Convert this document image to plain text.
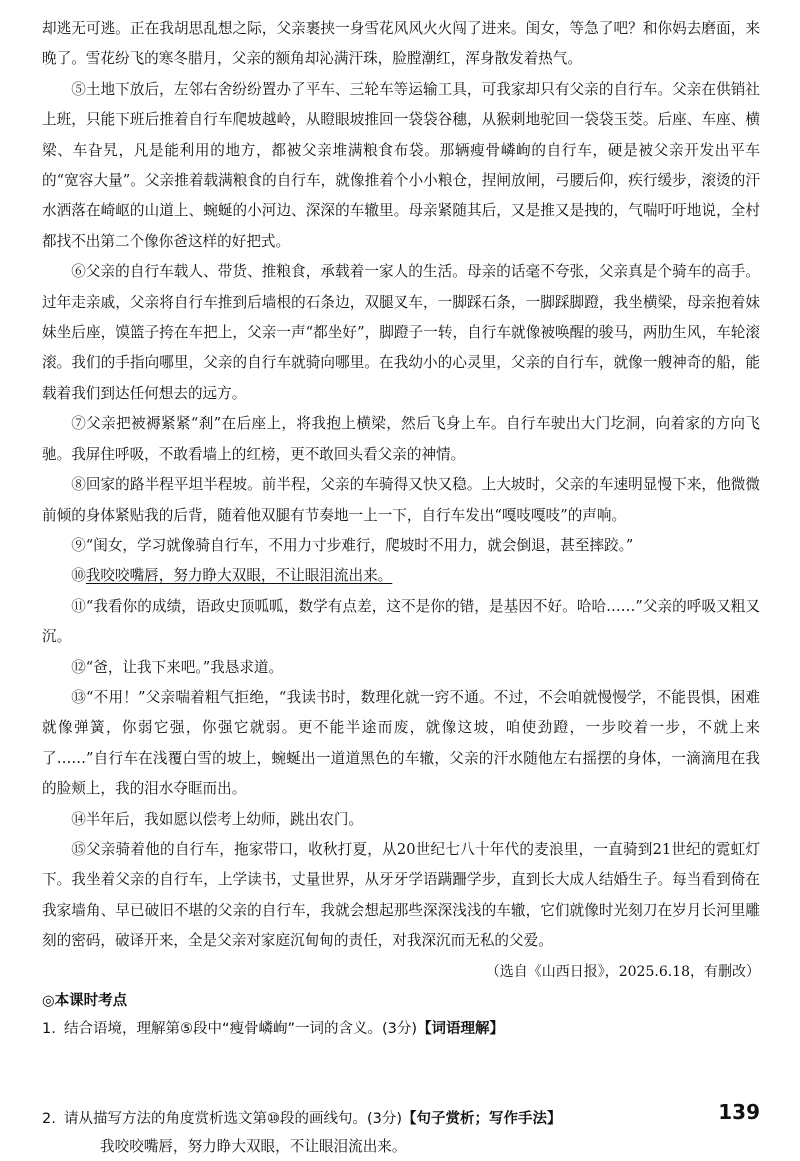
却逃无可逃。正在我胡思乱想之际，父亲裹挟一身雪花风风火火闯了进来。闺女，等急了吧？和你妈去磨面，来晚了。雪花纷飞的寒冬腊月，父亲的额角却沁满汗珠，脸膛潮红，浑身散发着热气。

⑤土地下放后，左邻右舍纷纷置办了平车、三轮车等运输工具，可我家却只有父亲的自行车。父亲在供销社上班，只能下班后推着自行车爬坡越岭，从瞪眼坡推回一袋袋谷穗，从猴刺地驼回一袋袋玉茭。后座、车座、横梁、车旮旯，凡是能利用的地方，都被父亲堆满粮食布袋。那辆瘦骨嶙峋的自行车，硬是被父亲开发出平车的“宽容大量”。父亲推着载满粮食的自行车，就像推着个小小粮仓，捏闸放闸，弓腰后仰，疾行缓步，滚烫的汗水洒落在崎岖的山道上、蜿蜒的小河边、深深的车辙里。母亲紧随其后，又是推又是拽的，气喘吁吁地说，全村都找不出第二个像你爸这样的好把式。

⑥父亲的自行车载人、带货、推粮食，承载着一家人的生活。母亲的话毫不夸张，父亲真是个骑车的高手。过年走亲戚，父亲将自行车推到后墙根的石条边，双腿叉车，一脚踩石条，一脚踩脚蹬，我坐横梁，母亲抱着妹妹坐后座，馍篮子挎在车把上，父亲一声“都坐好”，脚蹬子一转，自行车就像被唤醒的骏马，两肋生风，车轮滚滚。我们的手指向哪里，父亲的自行车就骑向哪里。在我幼小的心灵里，父亲的自行车，就像一艘神奇的船，能载着我们到达任何想去的远方。

⑦父亲把被褥紧紧“刹”在后座上，将我抱上横梁，然后飞身上车。自行车驶出大门圪洞，向着家的方向飞驰。我屏住呼吸，不敢看墙上的红榜，更不敢回头看父亲的神情。

⑧回家的路半程平坦半程坡。前半程，父亲的车骑得又快又稳。上大坡时，父亲的车速明显慢下来，他微微前倾的身体紧贴我的后背，随着他双腿有节奏地一上一下，自行车发出“嘎吱嘎吱”的声响。

⑨“闺女，学习就像骑自行车，不用力寸步难行，爬坡时不用力，就会倒退，甚至摔跤。”

⑩我咬咬嘴唇，努力睁大双眼，不让眼泪流出来。

⑪“我看你的成绩，语政史顶呱呱，数学有点差，这不是你的错，是基因不好。哈哈……”父亲的呼吸又粗又沉。

⑫“爸，让我下来吧。”我恳求道。

⑬“不用！”父亲喘着粗气拒绝，“我读书时，数理化就一窍不通。不过，不会咱就慢慢学，不能畏惧，困难就像弹簧，你弱它强，你强它就弱。更不能半途而废，就像这坡，咱使劲蹬，一步咬着一步，不就上来了……”自行车在浅覆白雪的坡上，蜿蜒出一道道黑色的车辙，父亲的汗水随他左右摇摆的身体，一滴滴甩在我的脸颊上，我的泪水夺眶而出。

⑭半年后，我如愿以偿考上幼师，跳出农门。

⑮父亲骑着他的自行车，拖家带口，收秋打夏，从20世纪七八十年代的麦浪里，一直骑到21世纪的霓虹灯下。我坐着父亲的自行车，上学读书，丈量世界，从牙牙学语蹒跚学步，直到长大成人结婚生子。每当看到倚在我家墙角、早已破旧不堪的父亲的自行车，我就会想起那些深深浅浅的车辙，它们就像时光刻刀在岁月长河里雕刻的密码，破译开来，全是父亲对家庭沉甸甸的责任，对我深沉而无私的父爱。

（选自《山西日报》，2025.6.18，有删改）

◎本课时考点

1. 结合语境，理解第⑤段中“瘦骨嶙峋”一词的含义。(3分)【词语理解】

2. 请从描写方法的角度赏析选文第⑩段的画线句。(3分)【句子赏析；写作手法】

我咬咬嘴唇，努力睁大双眼，不让眼泪流出来。

139
